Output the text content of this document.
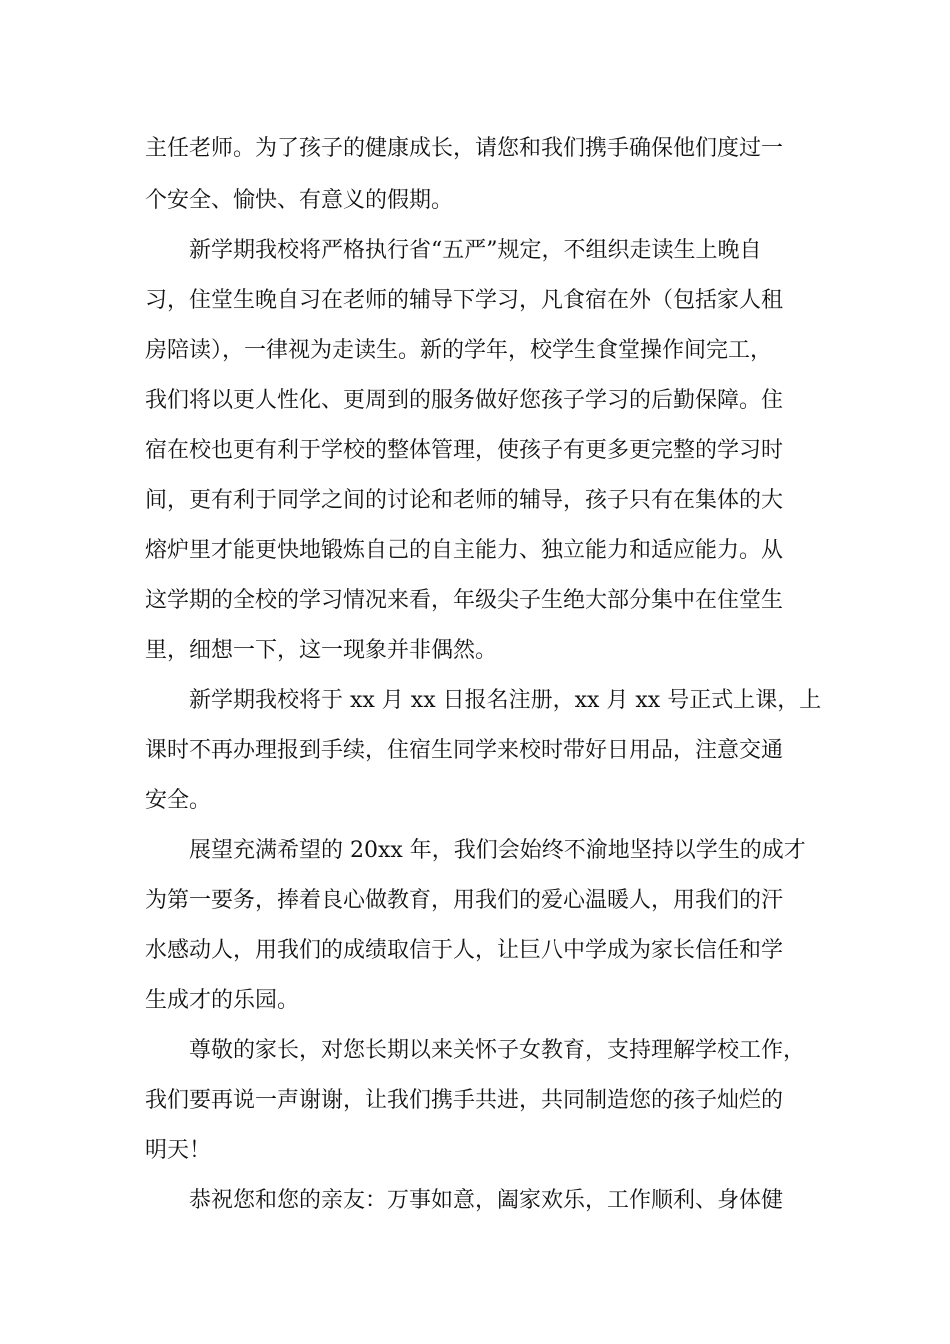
主任老师。为了孩子的健康成长，请您和我们携手确保他们度过一

个安全、愉快、有意义的假期。

　　新学期我校将严格执行省“五严”规定，不组织走读生上晚自

习，住堂生晚自习在老师的辅导下学习，凡食宿在外（包括家人租

房陪读），一律视为走读生。新的学年，校学生食堂操作间完工，

我们将以更人性化、更周到的服务做好您孩子学习的后勤保障。住

宿在校也更有利于学校的整体管理，使孩子有更多更完整的学习时

间，更有利于同学之间的讨论和老师的辅导，孩子只有在集体的大

熔炉里才能更快地锻炼自己的自主能力、独立能力和适应能力。从

这学期的全校的学习情况来看，年级尖子生绝大部分集中在住堂生

里，细想一下，这一现象并非偶然。

　　新学期我校将于 xx 月 xx 日报名注册，xx 月 xx 号正式上课，上

课时不再办理报到手续，住宿生同学来校时带好日用品，注意交通

安全。

　　展望充满希望的 20xx 年，我们会始终不渝地坚持以学生的成才

为第一要务，捧着良心做教育，用我们的爱心温暖人，用我们的汗

水感动人，用我们的成绩取信于人，让巨八中学成为家长信任和学

生成才的乐园。

　　尊敬的家长，对您长期以来关怀子女教育，支持理解学校工作，

我们要再说一声谢谢，让我们携手共进，共同制造您的孩子灿烂的

明天！

　　恭祝您和您的亲友：万事如意，阖家欢乐，工作顺利、身体健
